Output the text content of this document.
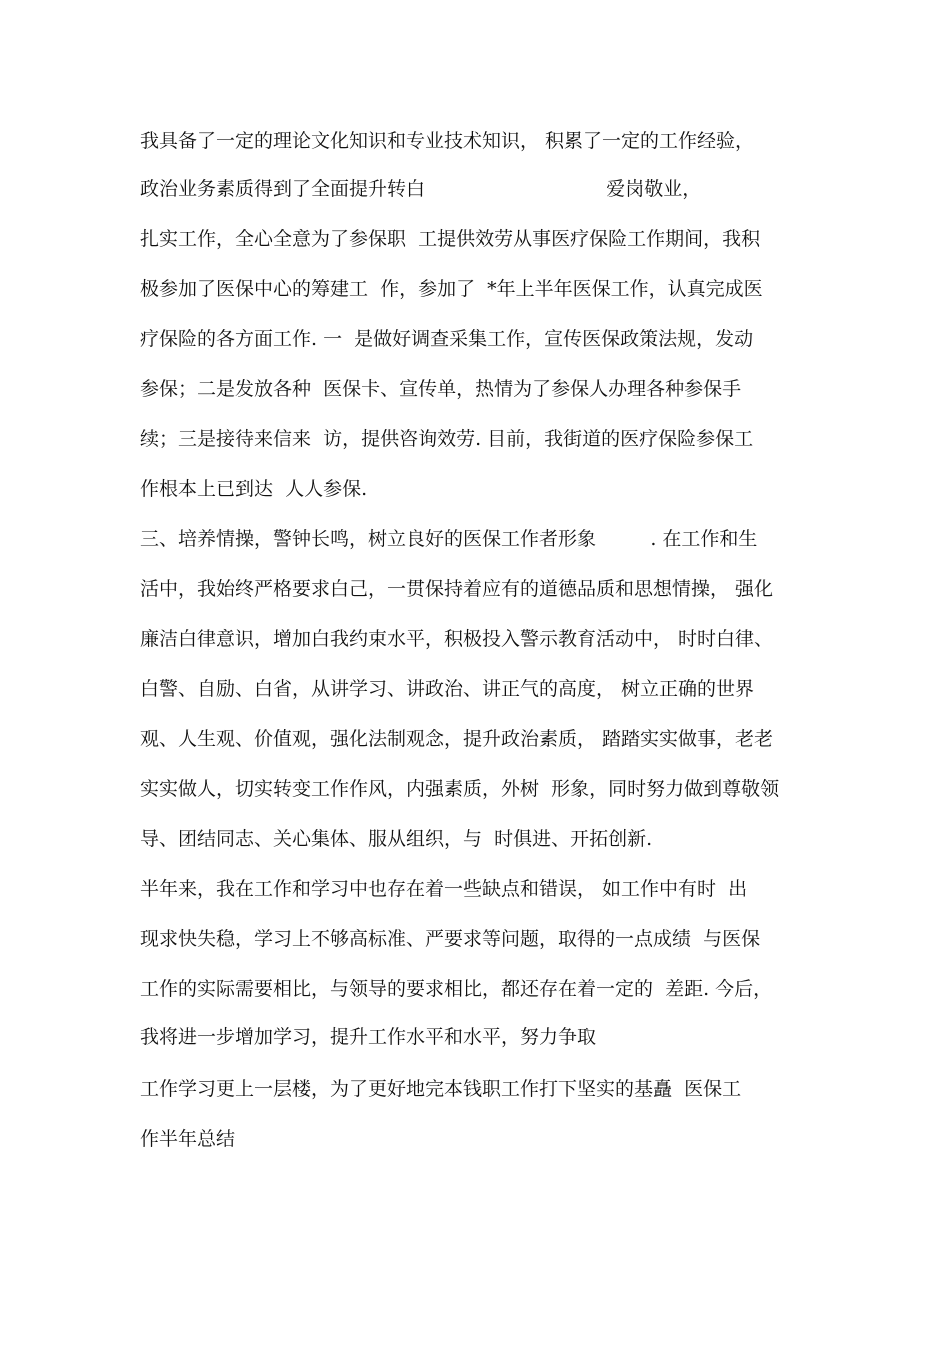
我具备了一定的理论文化知识和专业技术知识， 积累了一定的工作经验，
政治业务素质得到了全面提升转白                              爱岗敬业，
扎实工作，全心全意为了参保职  工提供效劳从事医疗保险工作期间，我积
极参加了医保中心的筹建工  作，参加了  *年上半年医保工作，认真完成医
疗保险的各方面工作. 一  是做好调查采集工作，宣传医保政策法规，发动
参保；二是发放各种  医保卡、宣传单，热情为了参保人办理各种参保手
续；三是接待来信来  访，提供咨询效劳. 目前，我街道的医疗保险参保工
作根本上已到达  人人参保.
三、培养情操，警钟长鸣，树立良好的医保工作者形象         . 在工作和生
活中，我始终严格要求白己，一贯保持着应有的道德品质和思想情操， 强化
廉洁白律意识，增加白我约束水平，积极投入警示教育活动中， 时时白律、
白警、自励、白省，从讲学习、讲政治、讲正气的高度， 树立正确的世界
观、人生观、价值观，强化法制观念，提升政治素质， 踏踏实实做事，老老
实实做人，切实转变工作作风，内强素质，外树  形象，同时努力做到尊敬领
导、团结同志、关心集体、服从组织，与  时俱进、开拓创新.
半年来，我在工作和学习中也存在着一些缺点和错误， 如工作中有时  出
现求快失稳，学习上不够高标准、严要求等问题，取得的一点成绩  与医保
工作的实际需要相比，与领导的要求相比，都还存在着一定的  差距. 今后，
我将进一步增加学习，提升工作水平和水平，努力争取
工作学习更上一层楼，为了更好地完本钱职工作打下坚实的基矗  医保工
作半年总结
